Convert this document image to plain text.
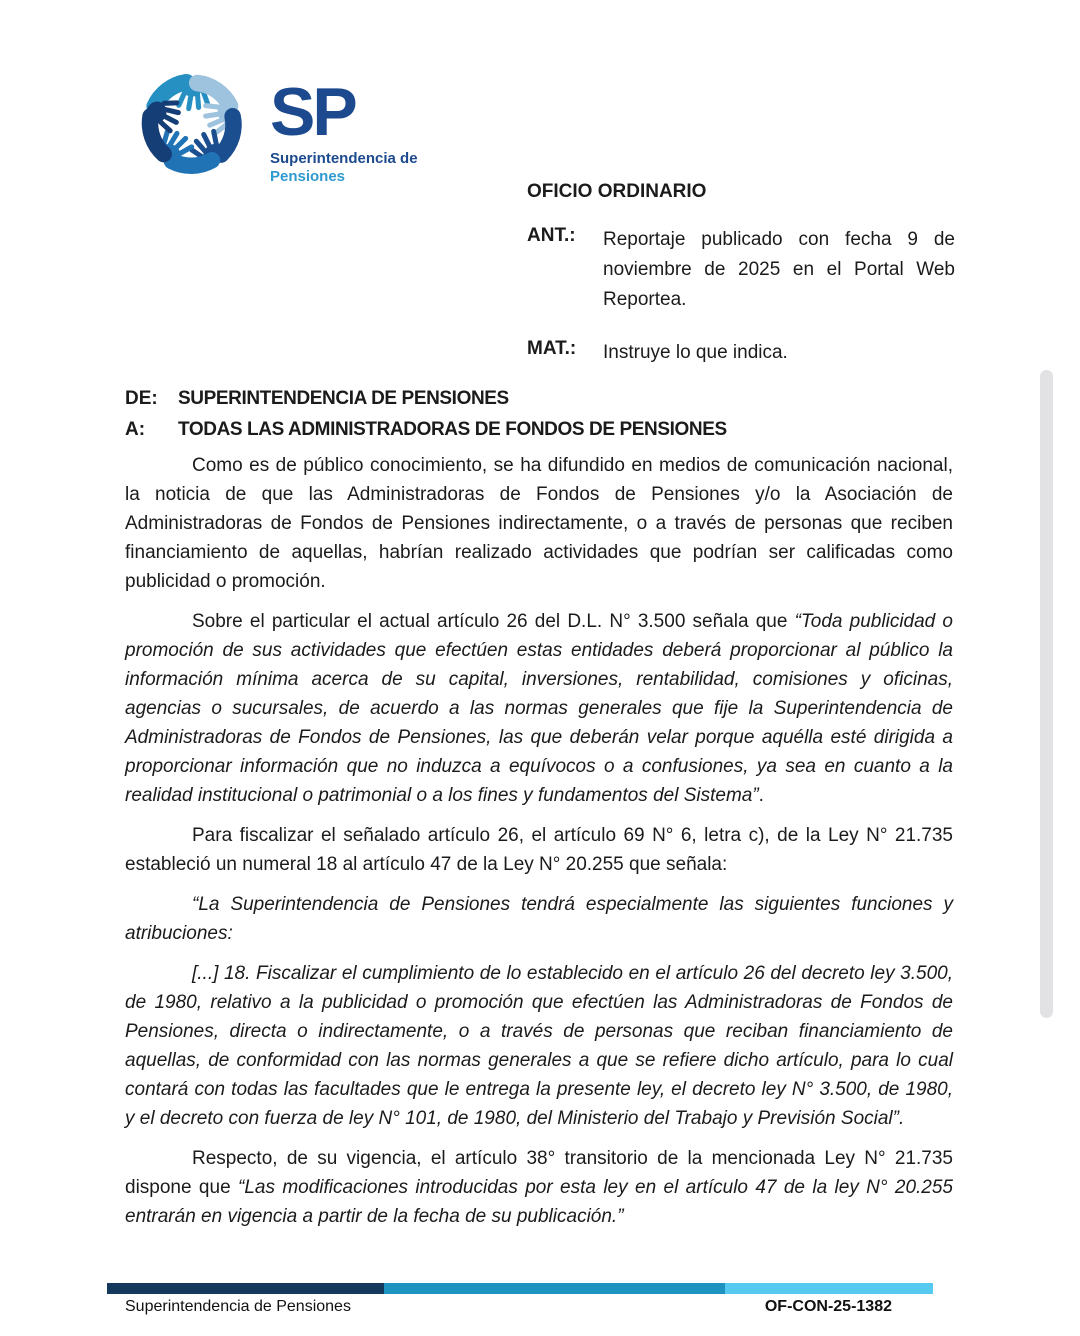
SP
Superintendencia de
Pensiones
OFICIO ORDINARIO
ANT.:	Reportaje publicado con fecha 9 de noviembre de 2025 en el Portal Web Reportea.
MAT.:	Instruye lo que indica.
DE:	SUPERINTENDENCIA DE PENSIONES
A:	TODAS LAS ADMINISTRADORAS DE FONDOS DE PENSIONES

Como es de público conocimiento, se ha difundido en medios de comunicación nacional, la noticia de que las Administradoras de Fondos de Pensiones y/o la Asociación de Administradoras de Fondos de Pensiones indirectamente, o a través de personas que reciben financiamiento de aquellas, habrían realizado actividades que podrían ser calificadas como publicidad o promoción.

Sobre el particular el actual artículo 26 del D.L. N° 3.500 señala que “Toda publicidad o promoción de sus actividades que efectúen estas entidades deberá proporcionar al público la información mínima acerca de su capital, inversiones, rentabilidad, comisiones y oficinas, agencias o sucursales, de acuerdo a las normas generales que fije la Superintendencia de Administradoras de Fondos de Pensiones, las que deberán velar porque aquélla esté dirigida a proporcionar información que no induzca a equívocos o a confusiones, ya sea en cuanto a la realidad institucional o patrimonial o a los fines y fundamentos del Sistema”.

Para fiscalizar el señalado artículo 26, el artículo 69 N° 6, letra c), de la Ley N° 21.735 estableció un numeral 18 al artículo 47 de la Ley N° 20.255 que señala:

“La Superintendencia de Pensiones tendrá especialmente las siguientes funciones y atribuciones:

[...] 18. Fiscalizar el cumplimiento de lo establecido en el artículo 26 del decreto ley 3.500, de 1980, relativo a la publicidad o promoción que efectúen las Administradoras de Fondos de Pensiones, directa o indirectamente, o a través de personas que reciban financiamiento de aquellas, de conformidad con las normas generales a que se refiere dicho artículo, para lo cual contará con todas las facultades que le entrega la presente ley, el decreto ley N° 3.500, de 1980, y el decreto con fuerza de ley N° 101, de 1980, del Ministerio del Trabajo y Previsión Social”.

Respecto, de su vigencia, el artículo 38° transitorio de la mencionada Ley N° 21.735 dispone que “Las modificaciones introducidas por esta ley en el artículo 47 de la ley N° 20.255 entrarán en vigencia a partir de la fecha de su publicación.”

Superintendencia de Pensiones	OF-CON-25-1382
